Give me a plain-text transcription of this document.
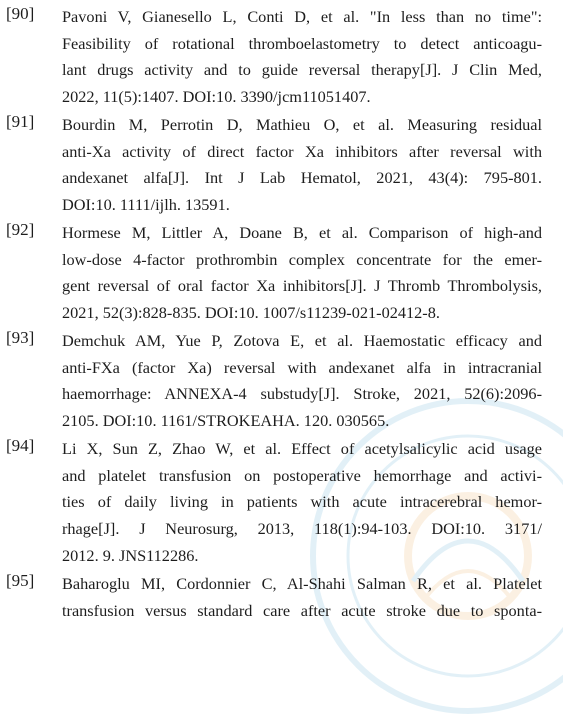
[90] Pavoni V, Gianesello L, Conti D, et al. "In less than no time":
Feasibility of rotational thromboelastometry to detect anticoagu-
lant drugs activity and to guide reversal therapy[J]. J Clin Med,
2022, 11(5):1407. DOI:10. 3390/jcm11051407.
[91] Bourdin M, Perrotin D, Mathieu O, et al. Measuring residual
anti-Xa activity of direct factor Xa inhibitors after reversal with
andexanet alfa[J]. Int J Lab Hematol, 2021, 43(4): 795-801.
DOI:10. 1111/ijlh. 13591.
[92] Hormese M, Littler A, Doane B, et al. Comparison of high-and
low-dose 4-factor prothrombin complex concentrate for the emer-
gent reversal of oral factor Xa inhibitors[J]. J Thromb Thrombolysis,
2021, 52(3):828-835. DOI:10. 1007/s11239-021-02412-8.
[93] Demchuk AM, Yue P, Zotova E, et al. Haemostatic efficacy and
anti-FXa (factor Xa) reversal with andexanet alfa in intracranial
haemorrhage: ANNEXA-4 substudy[J]. Stroke, 2021, 52(6):2096-
2105. DOI:10. 1161/STROKEAHA. 120. 030565.
[94] Li X, Sun Z, Zhao W, et al. Effect of acetylsalicylic acid usage
and platelet transfusion on postoperative hemorrhage and activi-
ties of daily living in patients with acute intracerebral hemor-
rhage[J]. J Neurosurg, 2013, 118(1):94-103. DOI:10. 3171/
2012. 9. JNS112286.
[95] Baharoglu MI, Cordonnier C, Al-Shahi Salman R, et al. Platelet
transfusion versus standard care after acute stroke due to sponta-
